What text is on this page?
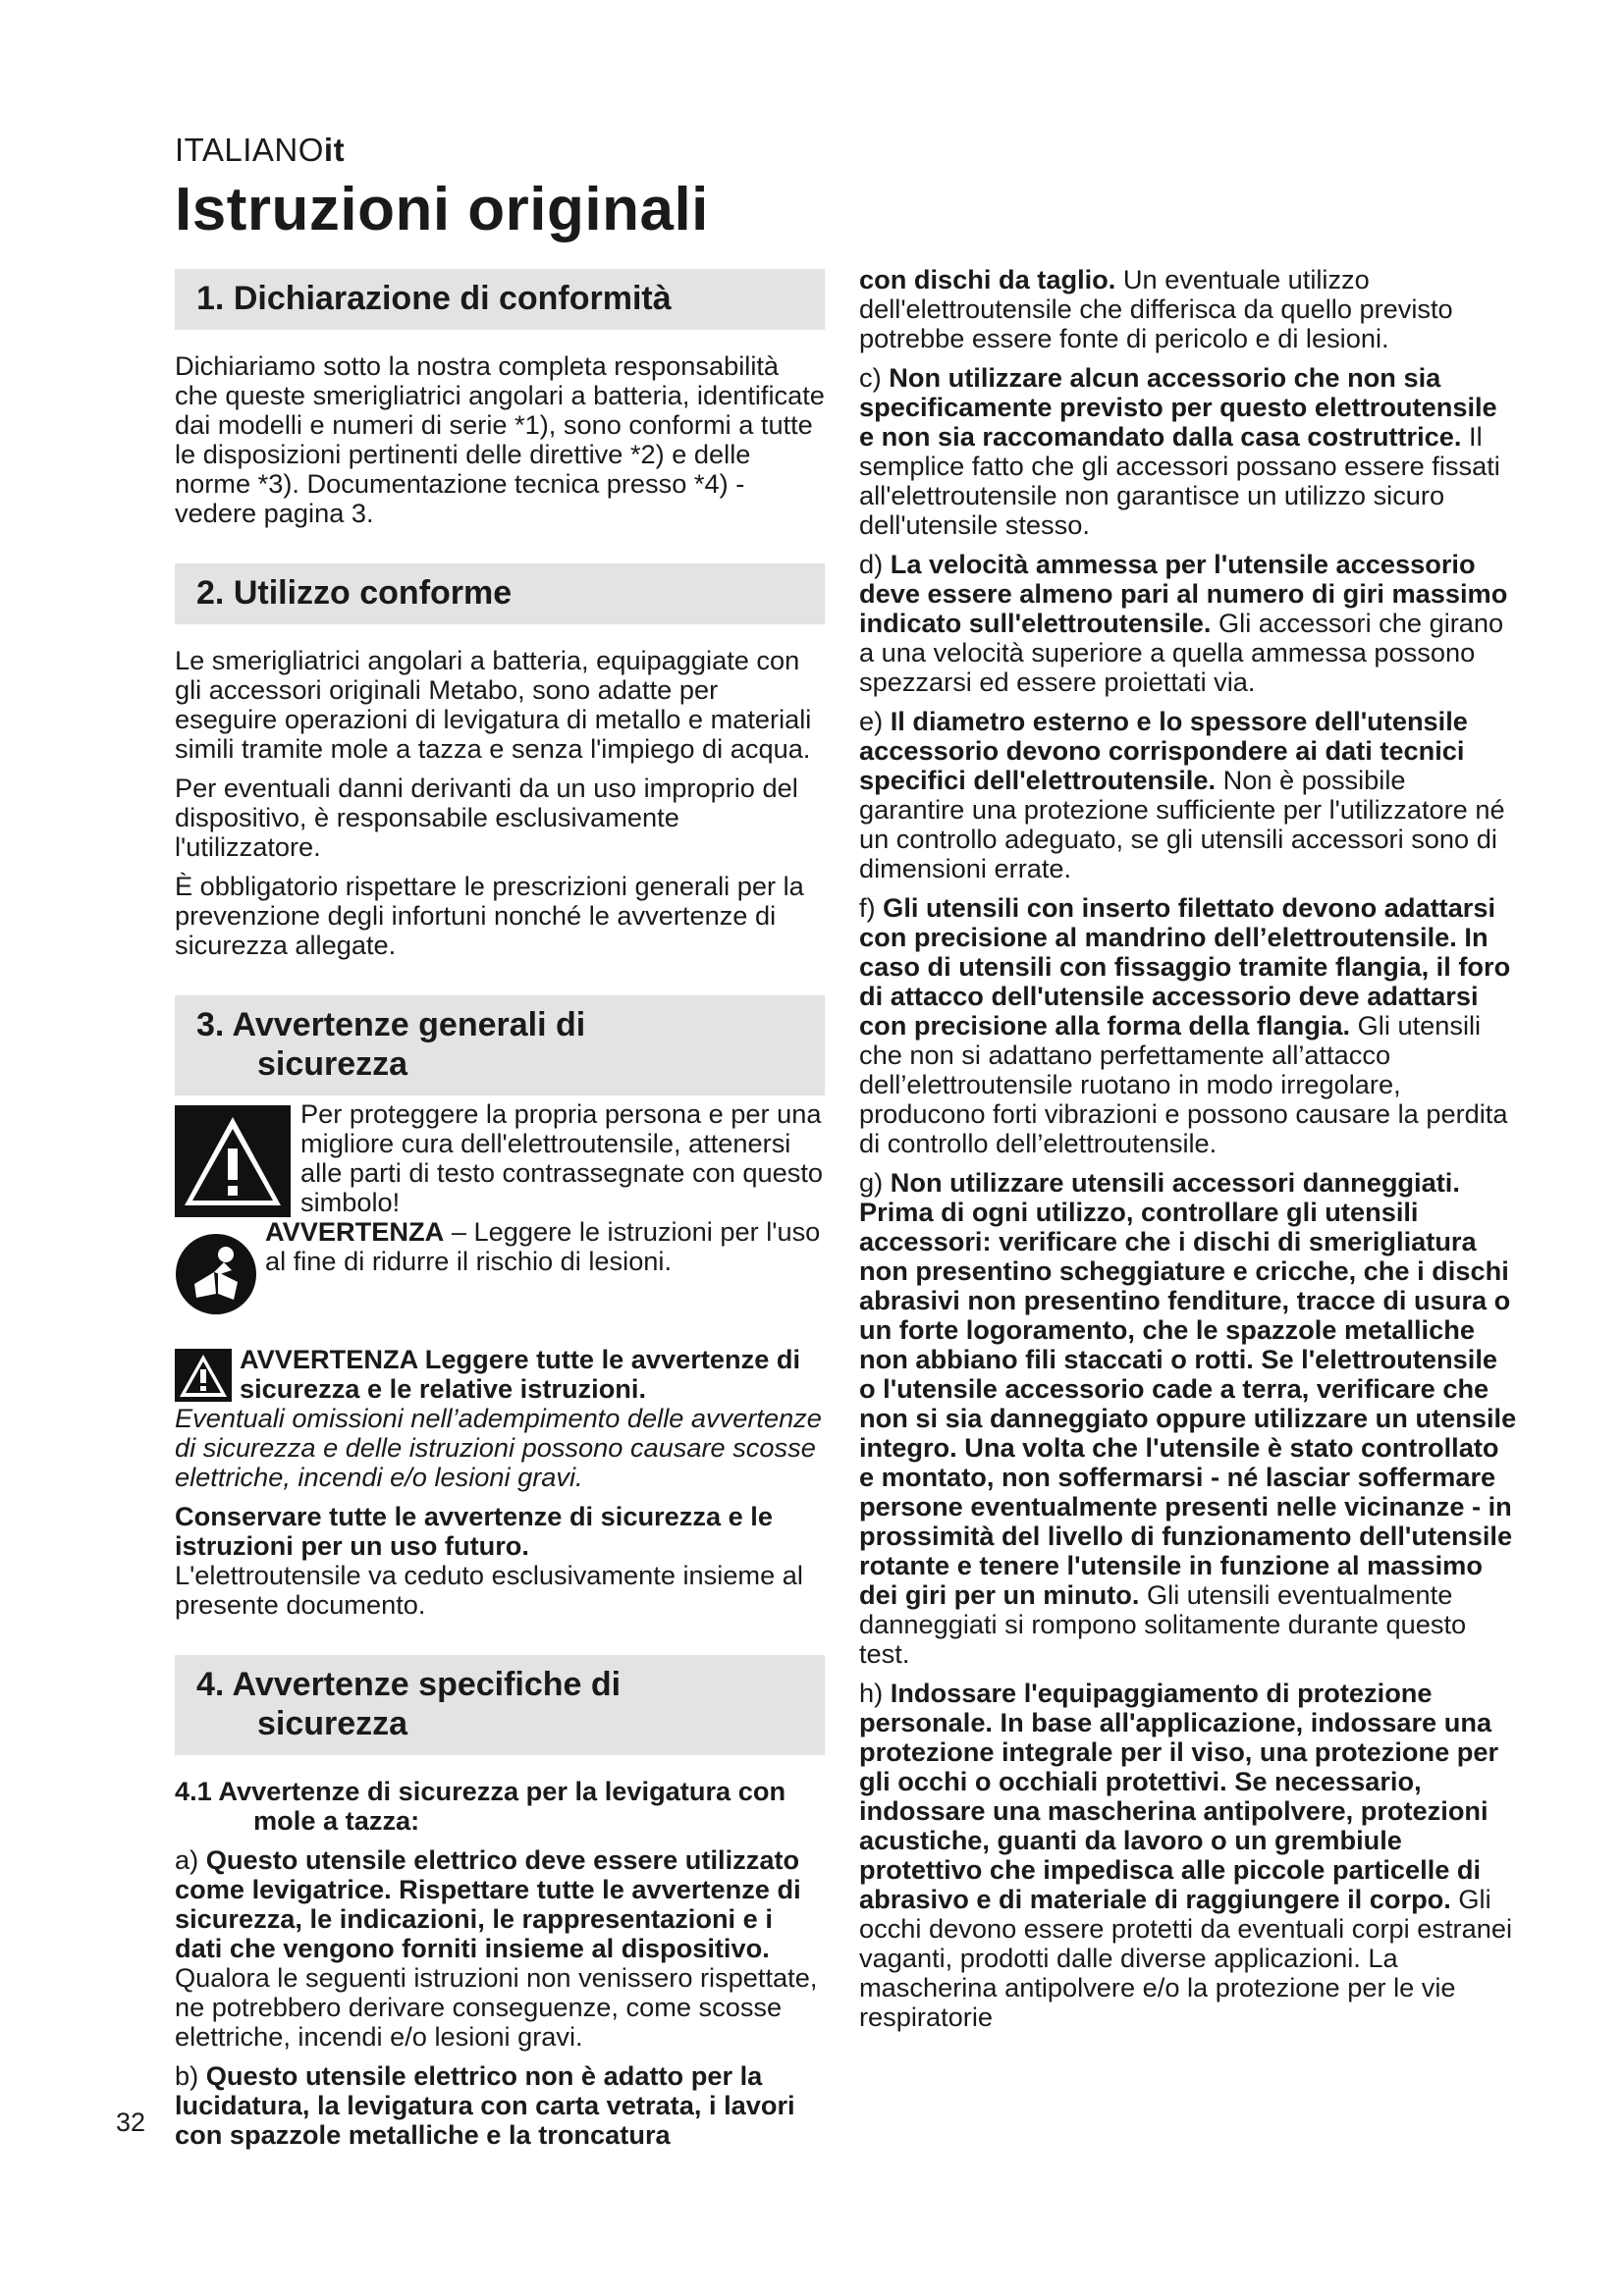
ITALIANOit
Istruzioni originali
1. Dichiarazione di conformità

Dichiariamo sotto la nostra completa responsabilità che queste smerigliatrici angolari a batteria, identificate dai modelli e numeri di serie *1), sono conformi a tutte le disposizioni pertinenti delle direttive *2) e delle norme *3). Documentazione tecnica presso *4) - vedere pagina 3.

2. Utilizzo conforme

Le smerigliatrici angolari a batteria, equipaggiate con gli accessori originali Metabo, sono adatte per eseguire operazioni di levigatura di metallo e materiali simili tramite mole a tazza e senza l'impiego di acqua.

Per eventuali danni derivanti da un uso improprio del dispositivo, è responsabile esclusivamente l'utilizzatore.

È obbligatorio rispettare le prescrizioni generali per la prevenzione degli infortuni nonché le avvertenze di sicurezza allegate.

3. Avvertenze generali di
sicurezza

Per proteggere la propria persona e per una migliore cura dell'elettroutensile, attenersi alle parti di testo contrassegnate con questo simbolo!

AVVERTENZA – Leggere le istruzioni per l'uso al fine di ridurre il rischio di lesioni.

AVVERTENZA Leggere tutte le avvertenze di sicurezza e le relative istruzioni.

Eventuali omissioni nell’adempimento delle avvertenze di sicurezza e delle istruzioni possono causare scosse elettriche, incendi e/o lesioni gravi.

Conservare tutte le avvertenze di sicurezza e le istruzioni per un uso futuro.

L'elettroutensile va ceduto esclusivamente insieme al presente documento.

4. Avvertenze specifiche di
sicurezza

4.1 Avvertenze di sicurezza per la levigatura con mole a tazza:

a) Questo utensile elettrico deve essere utilizzato come levigatrice. Rispettare tutte le avvertenze di sicurezza, le indicazioni, le rappresentazioni e i dati che vengono forniti insieme al dispositivo. Qualora le seguenti istruzioni non venissero rispettate, ne potrebbero derivare conseguenze, come scosse elettriche, incendi e/o lesioni gravi.

b) Questo utensile elettrico non è adatto per la lucidatura, la levigatura con carta vetrata, i lavori con spazzole metalliche e la troncatura

con dischi da taglio. Un eventuale utilizzo dell'elettroutensile che differisca da quello previsto potrebbe essere fonte di pericolo e di lesioni.

c) Non utilizzare alcun accessorio che non sia specificamente previsto per questo elettroutensile e non sia raccomandato dalla casa costruttrice. Il semplice fatto che gli accessori possano essere fissati all'elettroutensile non garantisce un utilizzo sicuro dell'utensile stesso.

d) La velocità ammessa per l'utensile accessorio deve essere almeno pari al numero di giri massimo indicato sull'elettroutensile. Gli accessori che girano a una velocità superiore a quella ammessa possono spezzarsi ed essere proiettati via.

e) Il diametro esterno e lo spessore dell'utensile accessorio devono corrispondere ai dati tecnici specifici dell'elettroutensile. Non è possibile garantire una protezione sufficiente per l'utilizzatore né un controllo adeguato, se gli utensili accessori sono di dimensioni errate.

f) Gli utensili con inserto filettato devono adattarsi con precisione al mandrino dell’elettroutensile. In caso di utensili con fissaggio tramite flangia, il foro di attacco dell'utensile accessorio deve adattarsi con precisione alla forma della flangia. Gli utensili che non si adattano perfettamente all’attacco dell’elettroutensile ruotano in modo irregolare, producono forti vibrazioni e possono causare la perdita di controllo dell’elettroutensile.

g) Non utilizzare utensili accessori danneggiati. Prima di ogni utilizzo, controllare gli utensili accessori: verificare che i dischi di smerigliatura non presentino scheggiature e cricche, che i dischi abrasivi non presentino fenditure, tracce di usura o un forte logoramento, che le spazzole metalliche non abbiano fili staccati o rotti. Se l'elettroutensile o l'utensile accessorio cade a terra, verificare che non si sia danneggiato oppure utilizzare un utensile integro. Una volta che l'utensile è stato controllato e montato, non soffermarsi - né lasciar soffermare persone eventualmente presenti nelle vicinanze - in prossimità del livello di funzionamento dell'utensile rotante e tenere l'utensile in funzione al massimo dei giri per un minuto. Gli utensili eventualmente danneggiati si rompono solitamente durante questo test.

h) Indossare l'equipaggiamento di protezione personale. In base all'applicazione, indossare una protezione integrale per il viso, una protezione per gli occhi o occhiali protettivi. Se necessario, indossare una mascherina antipolvere, protezioni acustiche, guanti da lavoro o un grembiule protettivo che impedisca alle piccole particelle di abrasivo e di materiale di raggiungere il corpo. Gli occhi devono essere protetti da eventuali corpi estranei vaganti, prodotti dalle diverse applicazioni. La mascherina antipolvere e/o la protezione per le vie respiratorie

32
